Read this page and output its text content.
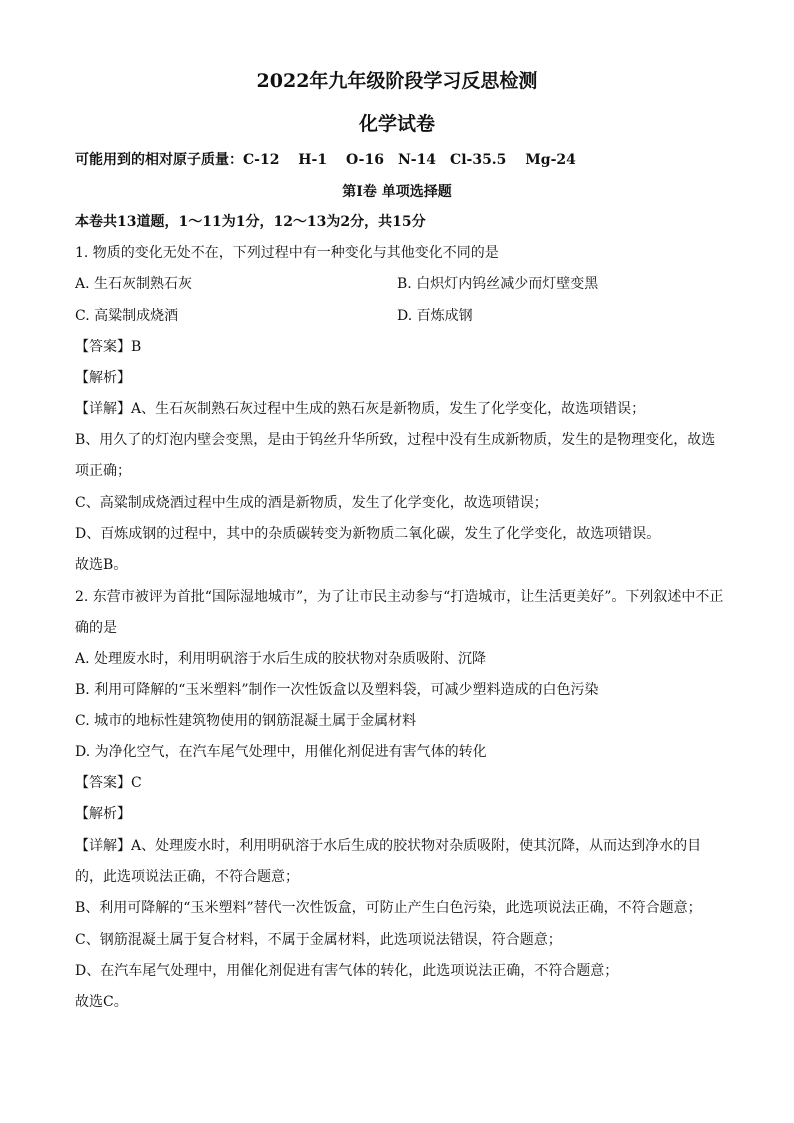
2022年九年级阶段学习反思检测
化学试卷
可能用到的相对原子质量：C-12　 H-1　 O-16　N-14　Cl-35.5　 Mg-24
第Ⅰ卷 单项选择题
本卷共13道题，1～11为1分，12～13为2分，共15分
1. 物质的变化无处不在，下列过程中有一种变化与其他变化不同的是
A. 生石灰制熟石灰	B. 白炽灯内钨丝减少而灯壁变黑
C. 高粱制成烧酒	D. 百炼成钢
【答案】B
【解析】
【详解】A、生石灰制熟石灰过程中生成的熟石灰是新物质，发生了化学变化，故选项错误；
B、用久了的灯泡内壁会变黑，是由于钨丝升华所致，过程中没有生成新物质，发生的是物理变化，故选
项正确；
C、高粱制成烧酒过程中生成的酒是新物质，发生了化学变化，故选项错误；
D、百炼成钢的过程中，其中的杂质碳转变为新物质二氧化碳，发生了化学变化，故选项错误。
故选B。
2. 东营市被评为首批“国际湿地城市”，为了让市民主动参与“打造城市，让生活更美好”。下列叙述中不正
确的是
A. 处理废水时，利用明矾溶于水后生成的胶状物对杂质吸附、沉降
B. 利用可降解的“玉米塑料”制作一次性饭盒以及塑料袋，可减少塑料造成的白色污染
C. 城市的地标性建筑物使用的钢筋混凝土属于金属材料
D. 为净化空气，在汽车尾气处理中，用催化剂促进有害气体的转化
【答案】C
【解析】
【详解】A、处理废水时，利用明矾溶于水后生成的胶状物对杂质吸附，使其沉降，从而达到净水的目
的，此选项说法正确，不符合题意；
B、利用可降解的“玉米塑料”替代一次性饭盒，可防止产生白色污染，此选项说法正确，不符合题意；
C、钢筋混凝土属于复合材料，不属于金属材料，此选项说法错误，符合题意；
D、在汽车尾气处理中，用催化剂促进有害气体的转化，此选项说法正确，不符合题意；
故选C。
